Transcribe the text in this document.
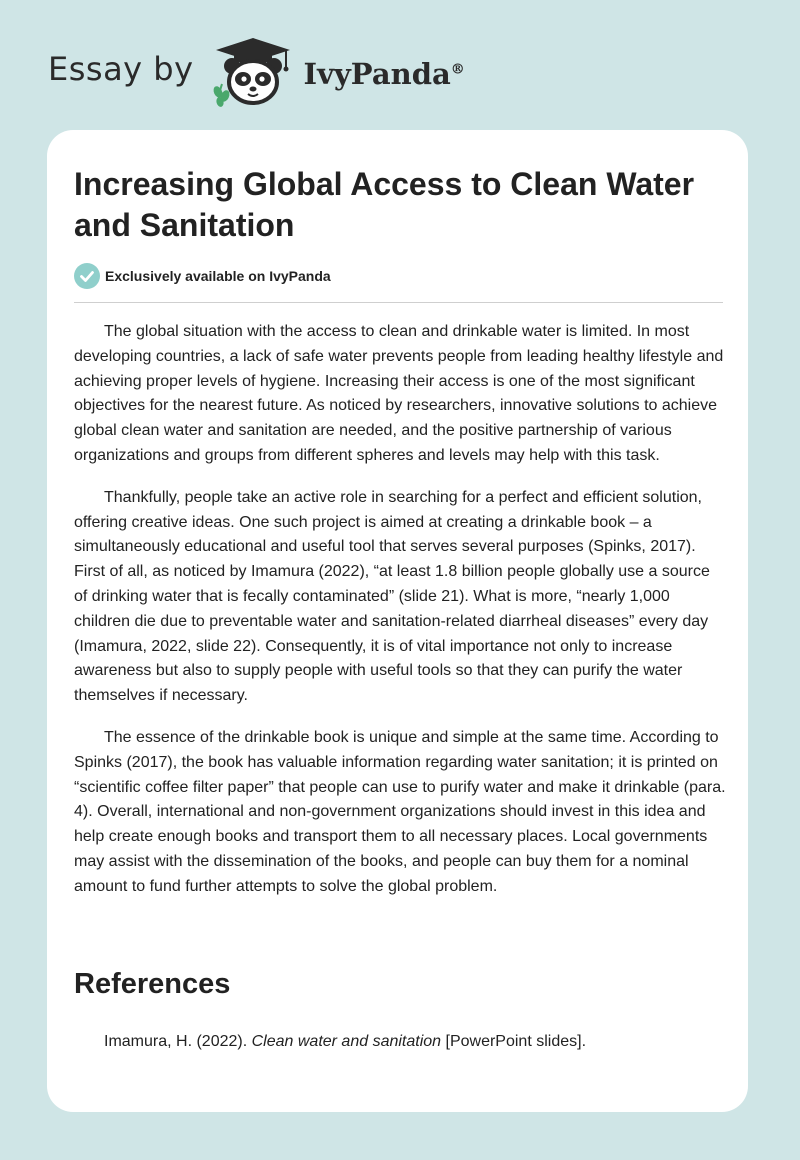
Essay by	IvyPanda®
Increasing Global Access to Clean Water and Sanitation
Exclusively available on IvyPanda

The global situation with the access to clean and drinkable water is limited. In most developing countries, a lack of safe water prevents people from leading healthy lifestyle and achieving proper levels of hygiene. Increasing their access is one of the most significant objectives for the nearest future. As noticed by researchers, innovative solutions to achieve global clean water and sanitation are needed, and the positive partnership of various organizations and groups from different spheres and levels may help with this task.

Thankfully, people take an active role in searching for a perfect and efficient solution, offering creative ideas. One such project is aimed at creating a drinkable book – a simultaneously educational and useful tool that serves several purposes (Spinks, 2017). First of all, as noticed by Imamura (2022), “at least 1.8 billion people globally use a source of drinking water that is fecally contaminated” (slide 21). What is more, “nearly 1,000 children die due to preventable water and sanitation-related diarrheal diseases” every day (Imamura, 2022, slide 22). Consequently, it is of vital importance not only to increase awareness but also to supply people with useful tools so that they can purify the water themselves if necessary.

The essence of the drinkable book is unique and simple at the same time. According to Spinks (2017), the book has valuable information regarding water sanitation; it is printed on “scientific coffee filter paper” that people can use to purify water and make it drinkable (para. 4). Overall, international and non-government organizations should invest in this idea and help create enough books and transport them to all necessary places. Local governments may assist with the dissemination of the books, and people can buy them for a nominal amount to fund further attempts to solve the global problem.

References

Imamura, H. (2022). Clean water and sanitation [PowerPoint slides].
